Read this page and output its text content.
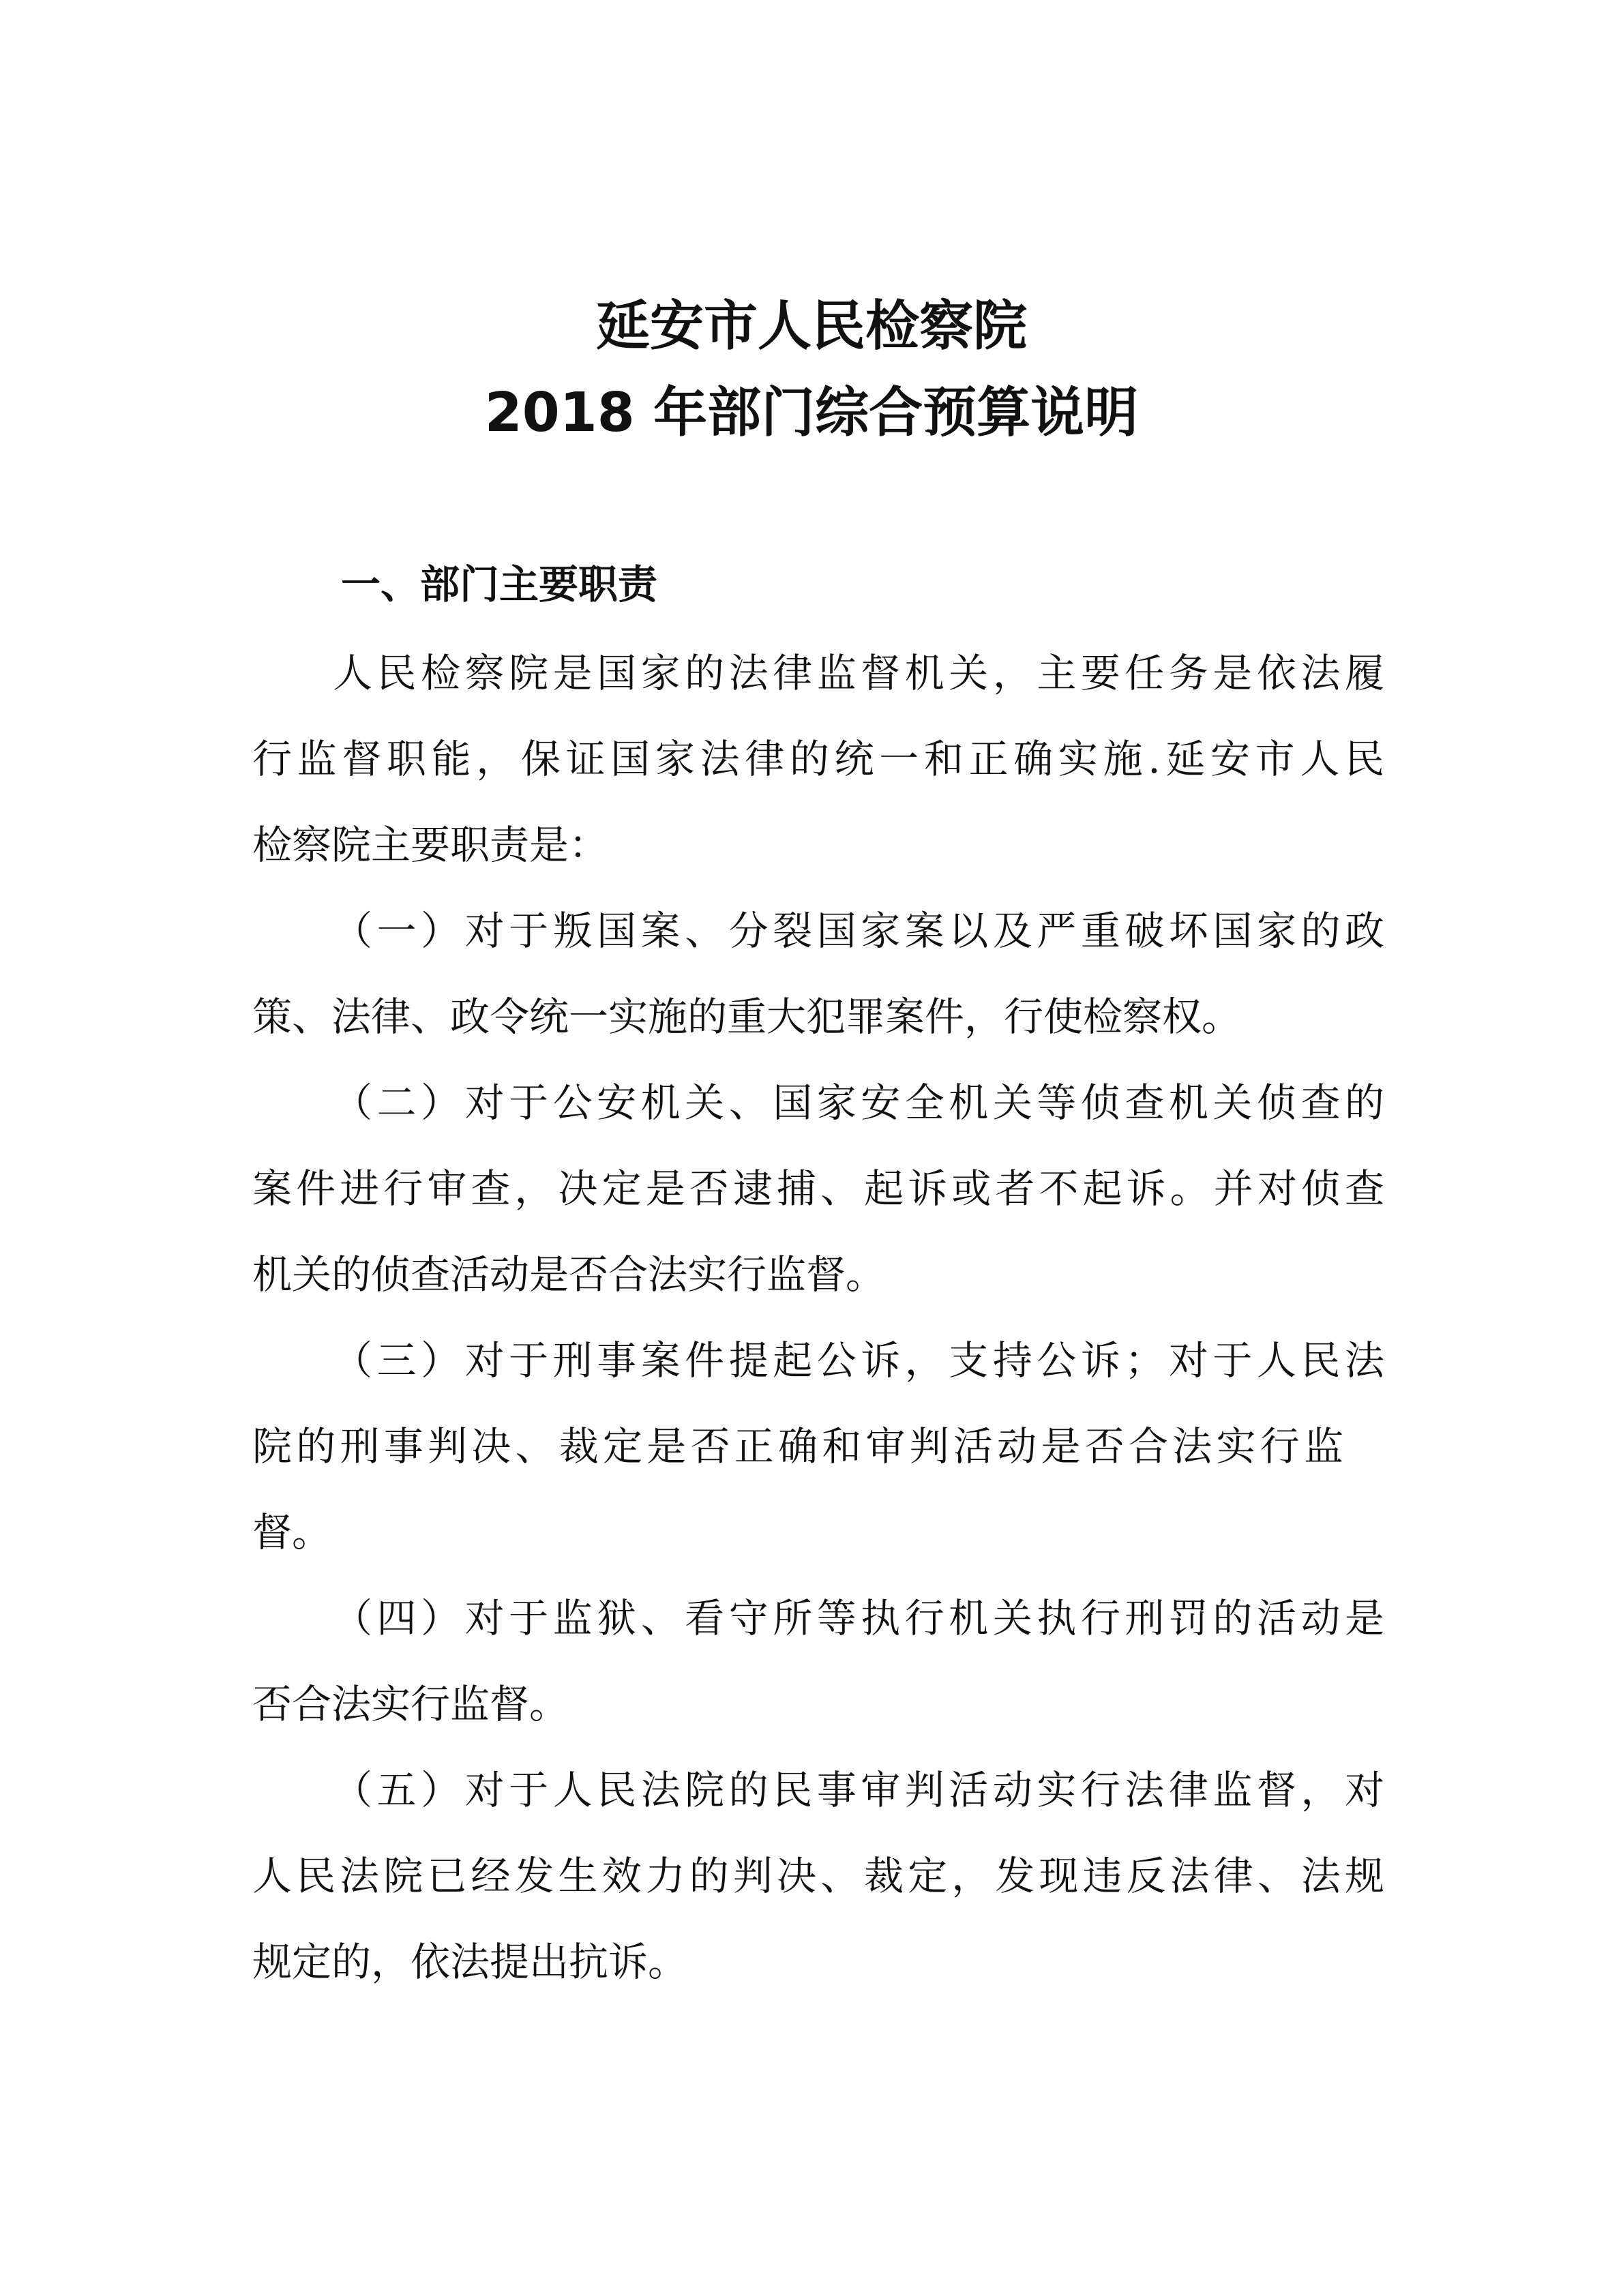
延安市人民检察院
2018 年部门综合预算说明
一、部门主要职责
人民检察院是国家的法律监督机关，主要任务是依法履
行监督职能，保证国家法律的统一和正确实施.延安市人民
检察院主要职责是：
（一）对于叛国案、分裂国家案以及严重破坏国家的政
策、法律、政令统一实施的重大犯罪案件，行使检察权。
（二）对于公安机关、国家安全机关等侦查机关侦查的
案件进行审查，决定是否逮捕、起诉或者不起诉。并对侦查
机关的侦查活动是否合法实行监督。
（三）对于刑事案件提起公诉，支持公诉；对于人民法
院的刑事判决、裁定是否正确和审判活动是否合法实行监
督。
（四）对于监狱、看守所等执行机关执行刑罚的活动是
否合法实行监督。
（五）对于人民法院的民事审判活动实行法律监督，对
人民法院已经发生效力的判决、裁定，发现违反法律、法规
规定的，依法提出抗诉。
